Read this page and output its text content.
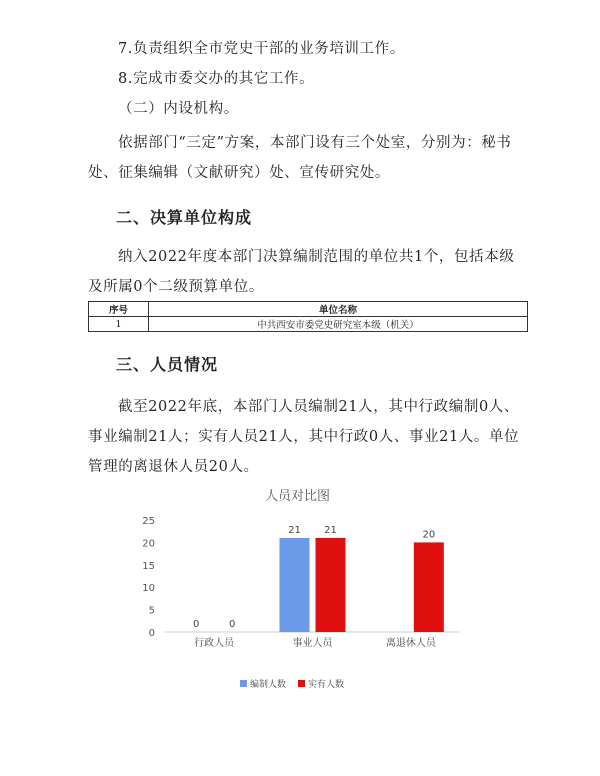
7.负责组织全市党史干部的业务培训工作。
8.完成市委交办的其它工作。
（二）内设机构。
依据部门“三定”方案，本部门设有三个处室，分别为：秘书处、征集编辑（文献研究）处、宣传研究处。
二、决算单位构成
纳入2022年度本部门决算编制范围的单位共1个，包括本级及所属0个二级预算单位。
序号	单位名称
1	中共西安市委党史研究室本级（机关）
三、人员情况
截至2022年底，本部门人员编制21人，其中行政编制0人、事业编制21人；实有人员21人，其中行政0人、事业21人。单位管理的离退休人员20人。
人员对比图
0
5
10
15
20
25
行政人员
0	0
事业人员
21 21
离退休人员
20
编制人数 实有人数
